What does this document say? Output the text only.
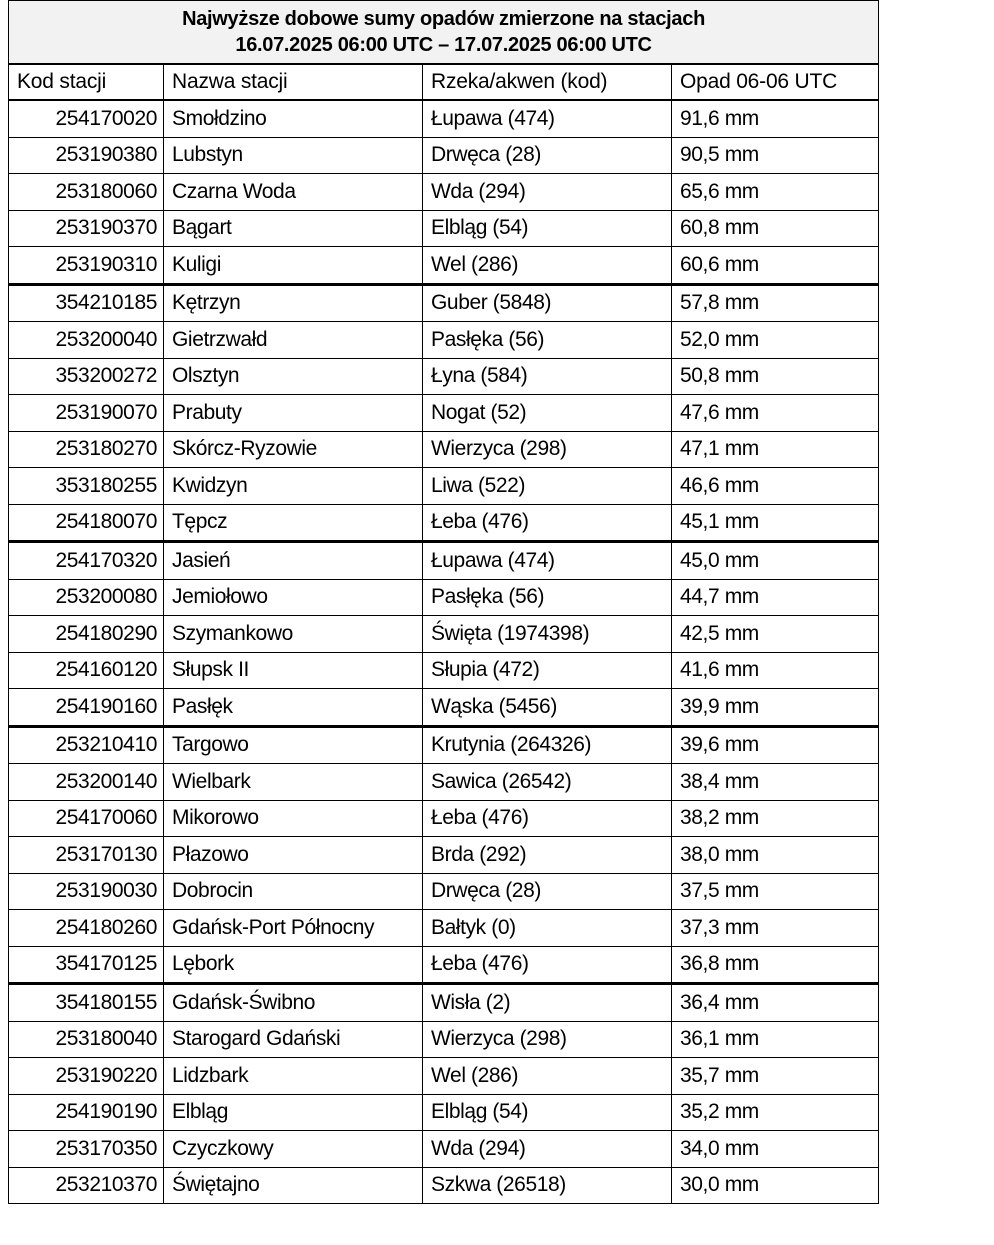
Najwyższe dobowe sumy opadów zmierzone na stacjach
16.07.2025 06:00 UTC – 17.07.2025 06:00 UTC			

Kod stacji	Nazwa stacji	Rzeka/akwen (kod)	Opad 06-06 UTC
254170020	Smołdzino	Łupawa (474)	91,6 mm
253190380	Lubstyn	Drwęca (28)	90,5 mm
253180060	Czarna Woda	Wda (294)	65,6 mm
253190370	Bągart	Elbląg (54)	60,8 mm
253190310	Kuligi	Wel (286)	60,6 mm
354210185	Kętrzyn	Guber (5848)	57,8 mm
253200040	Gietrzwałd	Pasłęka (56)	52,0 mm
353200272	Olsztyn	Łyna (584)	50,8 mm
253190070	Prabuty	Nogat (52)	47,6 mm
253180270	Skórcz-Ryzowie	Wierzyca (298)	47,1 mm
353180255	Kwidzyn	Liwa (522)	46,6 mm
254180070	Tępcz	Łeba (476)	45,1 mm
254170320	Jasień	Łupawa (474)	45,0 mm
253200080	Jemiołowo	Pasłęka (56)	44,7 mm
254180290	Szymankowo	Święta (1974398)	42,5 mm
254160120	Słupsk II	Słupia (472)	41,6 mm
254190160	Pasłęk	Wąska (5456)	39,9 mm
253210410	Targowo	Krutynia (264326)	39,6 mm
253200140	Wielbark	Sawica (26542)	38,4 mm
254170060	Mikorowo	Łeba (476)	38,2 mm
253170130	Płazowo	Brda (292)	38,0 mm
253190030	Dobrocin	Drwęca (28)	37,5 mm
254180260	Gdańsk-Port Północny	Bałtyk (0)	37,3 mm
354170125	Lębork	Łeba (476)	36,8 mm
354180155	Gdańsk-Świbno	Wisła (2)	36,4 mm
253180040	Starogard Gdański	Wierzyca (298)	36,1 mm
253190220	Lidzbark	Wel (286)	35,7 mm
254190190	Elbląg	Elbląg (54)	35,2 mm
253170350	Czyczkowy	Wda (294)	34,0 mm
253210370	Świętajno	Szkwa (26518)	30,0 mm
